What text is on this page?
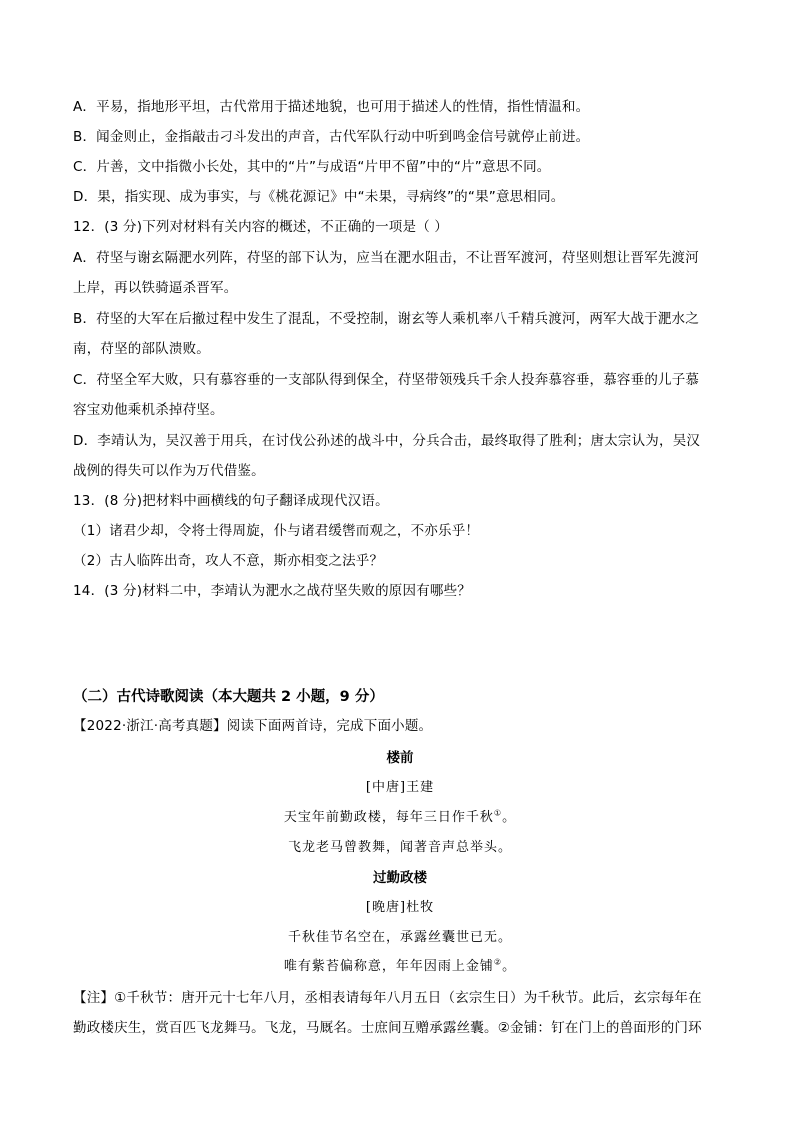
A．平易，指地形平坦，古代常用于描述地貌，也可用于描述人的性情，指性情温和。
B．闻金则止，金指敲击刁斗发出的声音，古代军队行动中听到鸣金信号就停止前进。
C．片善，文中指微小长处，其中的“片”与成语“片甲不留”中的“片”意思不同。
D．果，指实现、成为事实，与《桃花源记》中“未果，寻病终”的“果”意思相同。
12．(3 分)下列对材料有关内容的概述，不正确的一项是（ ）
A．苻坚与谢玄隔淝水列阵，苻坚的部下认为，应当在淝水阻击，不让晋军渡河，苻坚则想让晋军先渡河
上岸，再以铁骑逼杀晋军。
B．苻坚的大军在后撤过程中发生了混乱，不受控制，谢玄等人乘机率八千精兵渡河，两军大战于淝水之
南，苻坚的部队溃败。
C．苻坚全军大败，只有慕容垂的一支部队得到保全，苻坚带领残兵千余人投奔慕容垂，慕容垂的儿子慕
容宝劝他乘机杀掉苻坚。
D．李靖认为，吴汉善于用兵，在讨伐公孙述的战斗中，分兵合击，最终取得了胜利；唐太宗认为，吴汉
战例的得失可以作为万代借鉴。
13．(8 分)把材料中画横线的句子翻译成现代汉语。
（1）诸君少却，令将士得周旋，仆与诸君缓辔而观之，不亦乐乎！
（2）古人临阵出奇，攻人不意，斯亦相变之法乎？
14．(3 分)材料二中，李靖认为淝水之战苻坚失败的原因有哪些？
（二）古代诗歌阅读（本大题共 2 小题，9 分）
【2022·浙江·高考真题】阅读下面两首诗，完成下面小题。
楼前
[中唐]王建
天宝年前勤政楼，每年三日作千秋①。
飞龙老马曾教舞，闻著音声总举头。
过勤政楼
[晚唐]杜牧
千秋佳节名空在，承露丝囊世已无。
唯有紫苔偏称意，年年因雨上金铺②。
【注】①千秋节：唐开元十七年八月，丞相表请每年八月五日（玄宗生日）为千秋节。此后，玄宗每年在
勤政楼庆生，赏百匹飞龙舞马。飞龙，马厩名。士庶间互赠承露丝囊。②金铺：钉在门上的兽面形的门环
